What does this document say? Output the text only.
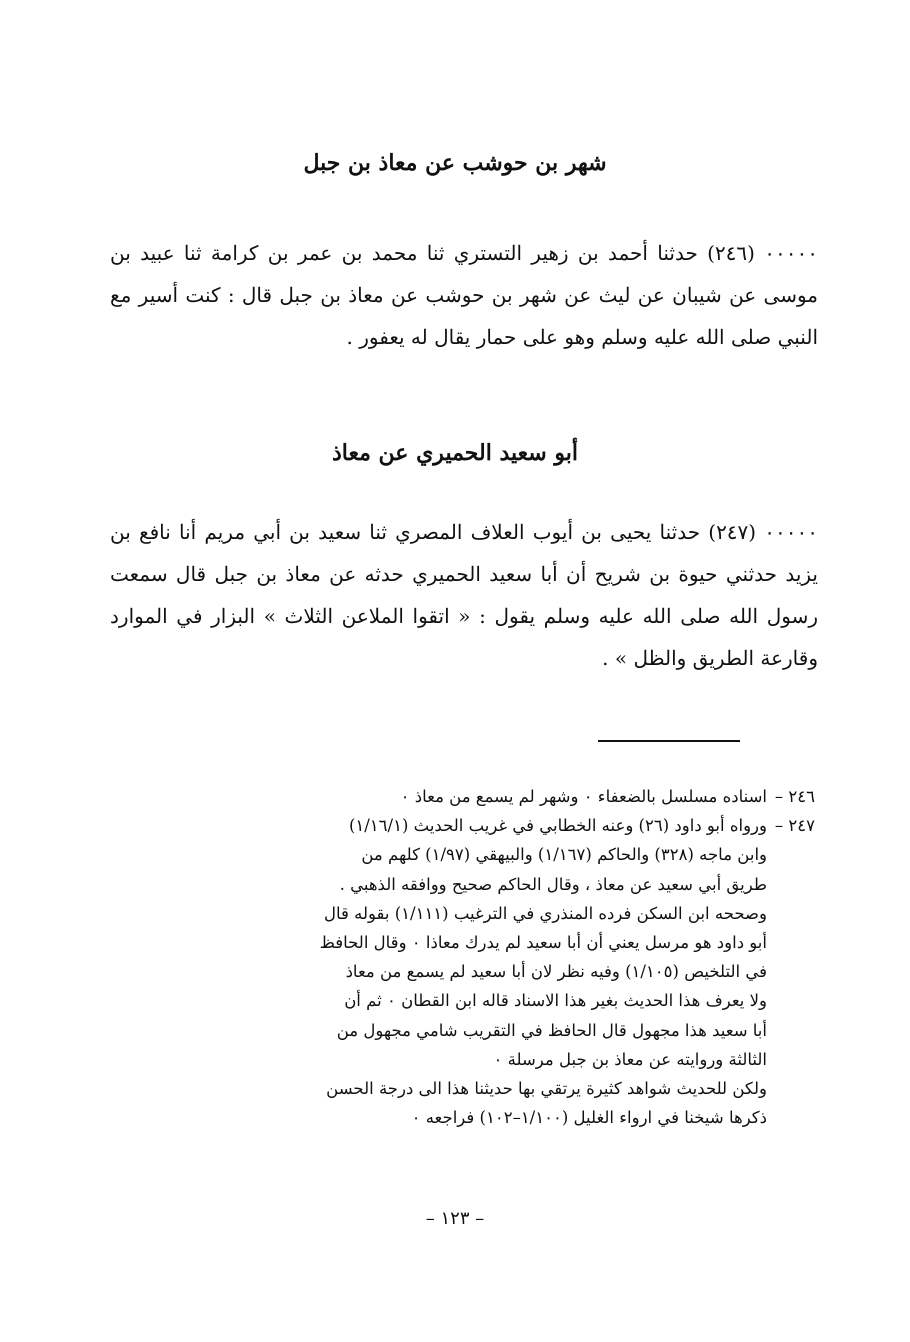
شهر بن حوشب عن معاذ بن جبل
٠٠٠٠٠ (٢٤٦) حدثنا أحمد بن زهير التستري ثنا محمد بن عمر بن كرامة ثنا عبيد بن موسى عن شيبان عن ليث عن شهر بن حوشب عن معاذ بن جبل قال : كنت أسير مع النبي صلى الله عليه وسلم وهو على حمار يقال له يعفور .
أبو سعيد الحميري عن معاذ
٠٠٠٠٠ (٢٤٧) حدثنا يحيى بن أيوب العلاف المصري ثنا سعيد بن أبي مريم أنا نافع بن يزيد حدثني حيوة بن شريح أن أبا سعيد الحميري حدثه عن معاذ بن جبل قال سمعت رسول الله صلى الله عليه وسلم يقول : « اتقوا الملاعن الثلاث » البزار في الموارد وقارعة الطريق والظل » .
٢٤٦ –
اسناده مسلسل بالضعفاء ٠ وشهر لم يسمع من معاذ ٠
٢٤٧ –
ورواه أبو داود (٢٦) وعنه الخطابي في غريب الحديث (١/١٦/١)
وابن ماجه (٣٢٨) والحاكم (١/١٦٧) والبيهقي (١/٩٧) كلهم من
طريق أبي سعيد عن معاذ ، وقال الحاكم صحيح ووافقه الذهبي .
وصححه ابن السكن فرده المنذري في الترغيب (١/١١١) بقوله قال
أبو داود هو مرسل يعني أن أبا سعيد لم يدرك معاذا ٠ وقال الحافظ
في التلخيص (١/١٠٥) وفيه نظر لان أبا سعيد لم يسمع من معاذ
ولا يعرف هذا الحديث بغير هذا الاسناد قاله ابن القطان ٠ ثم أن
أبا سعيد هذا مجهول قال الحافظ في التقريب شامي مجهول من
الثالثة وروايته عن معاذ بن جبل مرسلة ٠
ولكن للحديث شواهد كثيرة يرتقي بها حديثنا هذا الى درجة الحسن
ذكرها شيخنا في ارواء الغليل (١/١٠٠–١٠٢) فراجعه ٠
– ١٢٣ –
